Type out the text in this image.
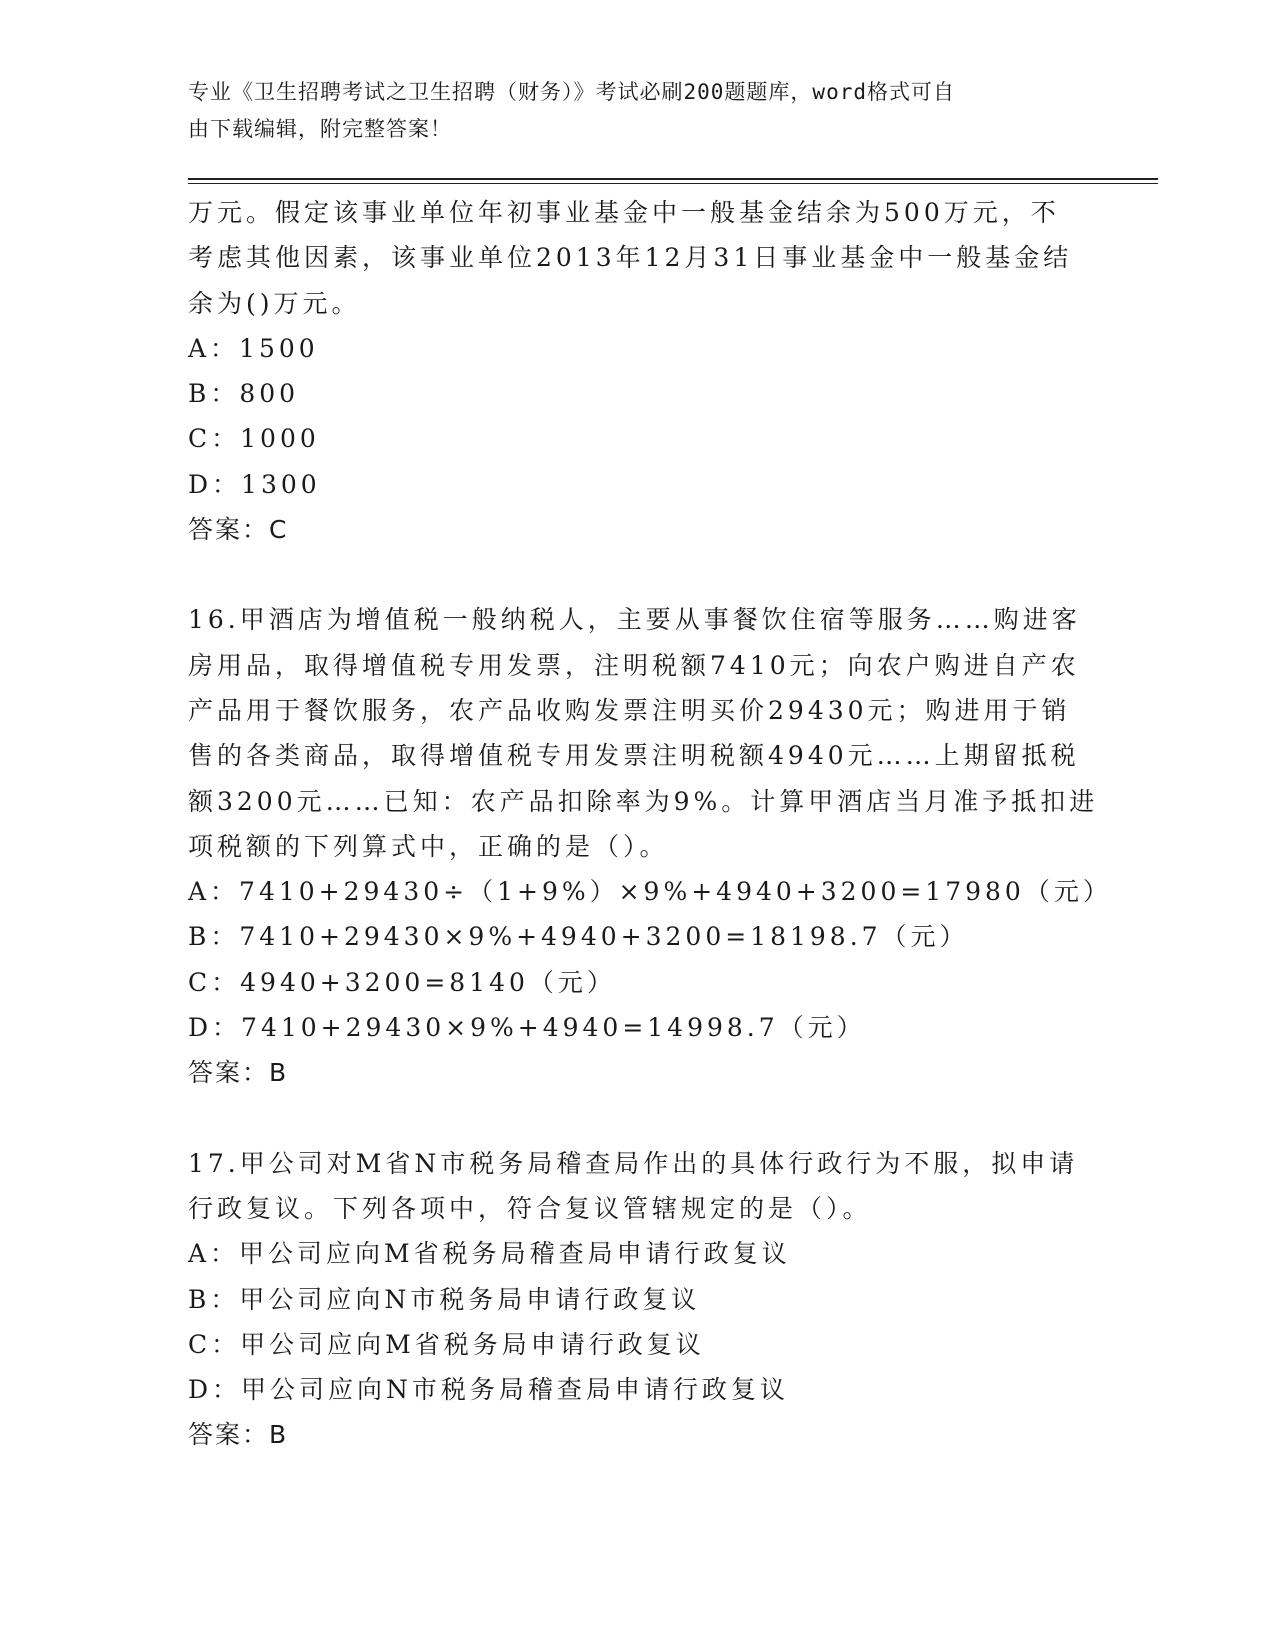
专业《卫生招聘考试之卫生招聘（财务）》考试必刷200题题库，word格式可自
由下载编辑，附完整答案！
万元。假定该事业单位年初事业基金中一般基金结余为500万元，不
考虑其他因素，该事业单位2013年12月31日事业基金中一般基金结
余为()万元。
A：1500
B：800
C：1000
D：1300
答案：C
16.甲酒店为增值税一般纳税人，主要从事餐饮住宿等服务……购进客
房用品，取得增值税专用发票，注明税额7410元；向农户购进自产农
产品用于餐饮服务，农产品收购发票注明买价29430元；购进用于销
售的各类商品，取得增值税专用发票注明税额4940元……上期留抵税
额3200元……已知：农产品扣除率为9%。计算甲酒店当月准予抵扣进
项税额的下列算式中，正确的是（）。
A：7410+29430÷（1+9%）×9%+4940+3200=17980（元）
B：7410+29430×9%+4940+3200=18198.7（元）
C：4940+3200=8140（元）
D：7410+29430×9%+4940=14998.7（元）
答案：B
17.甲公司对M省N市税务局稽查局作出的具体行政行为不服，拟申请
行政复议。下列各项中，符合复议管辖规定的是（）。
A：甲公司应向M省税务局稽查局申请行政复议
B：甲公司应向N市税务局申请行政复议
C：甲公司应向M省税务局申请行政复议
D：甲公司应向N市税务局稽查局申请行政复议
答案：B
